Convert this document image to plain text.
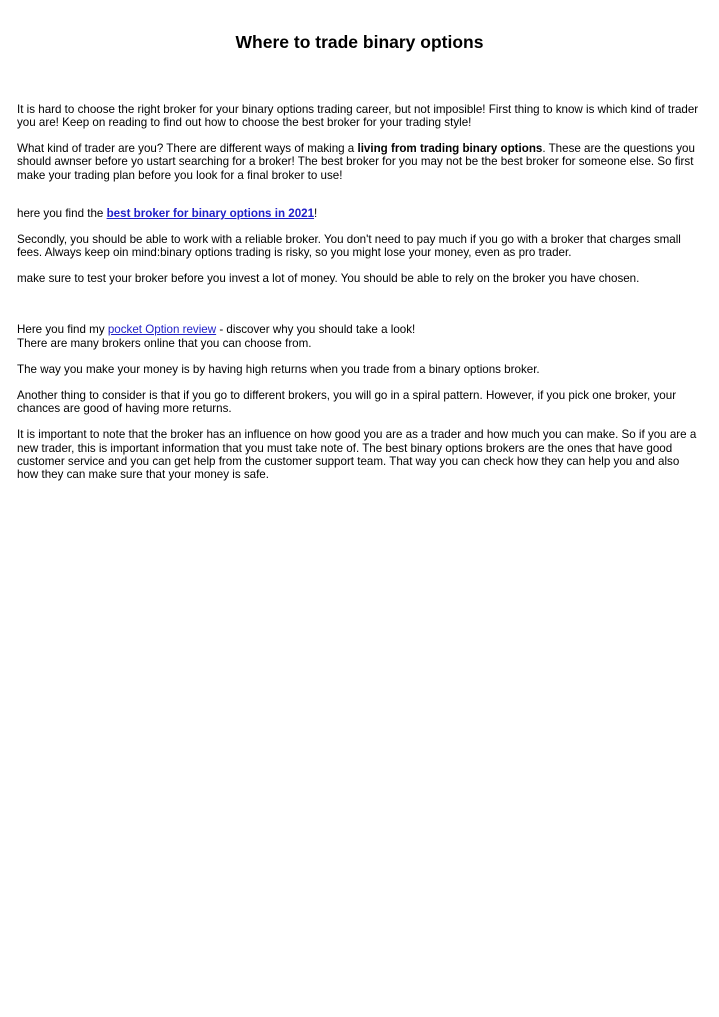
Where to trade binary options

It is hard to choose the right broker for your binary options trading career, but not imposible! First thing to know is which kind of trader you are! Keep on reading to find out how to choose the best broker for your trading style!

What kind of trader are you? There are different ways of making a living from trading binary options. These are the questions you should awnser before yo ustart searching for a broker! The best broker for you may not be the best broker for someone else. So first make your trading plan before you look for a final broker to use!

here you find the best broker for binary options in 2021!

Secondly, you should be able to work with a reliable broker. You don't need to pay much if you go with a broker that charges small fees. Always keep oin mind:binary options trading is risky, so you might lose your money, even as pro trader.

make sure to test your broker before you invest a lot of money. You should be able to rely on the broker you have chosen.

Here you find my pocket Option review - discover why you should take a look!

There are many brokers online that you can choose from.

The way you make your money is by having high returns when you trade from a binary options broker.

Another thing to consider is that if you go to different brokers, you will go in a spiral pattern. However, if you pick one broker, your chances are good of having more returns.

It is important to note that the broker has an influence on how good you are as a trader and how much you can make. So if you are a new trader, this is important information that you must take note of. The best binary options brokers are the ones that have good customer service and you can get help from the customer support team. That way you can check how they can help you and also how they can make sure that your money is safe.
